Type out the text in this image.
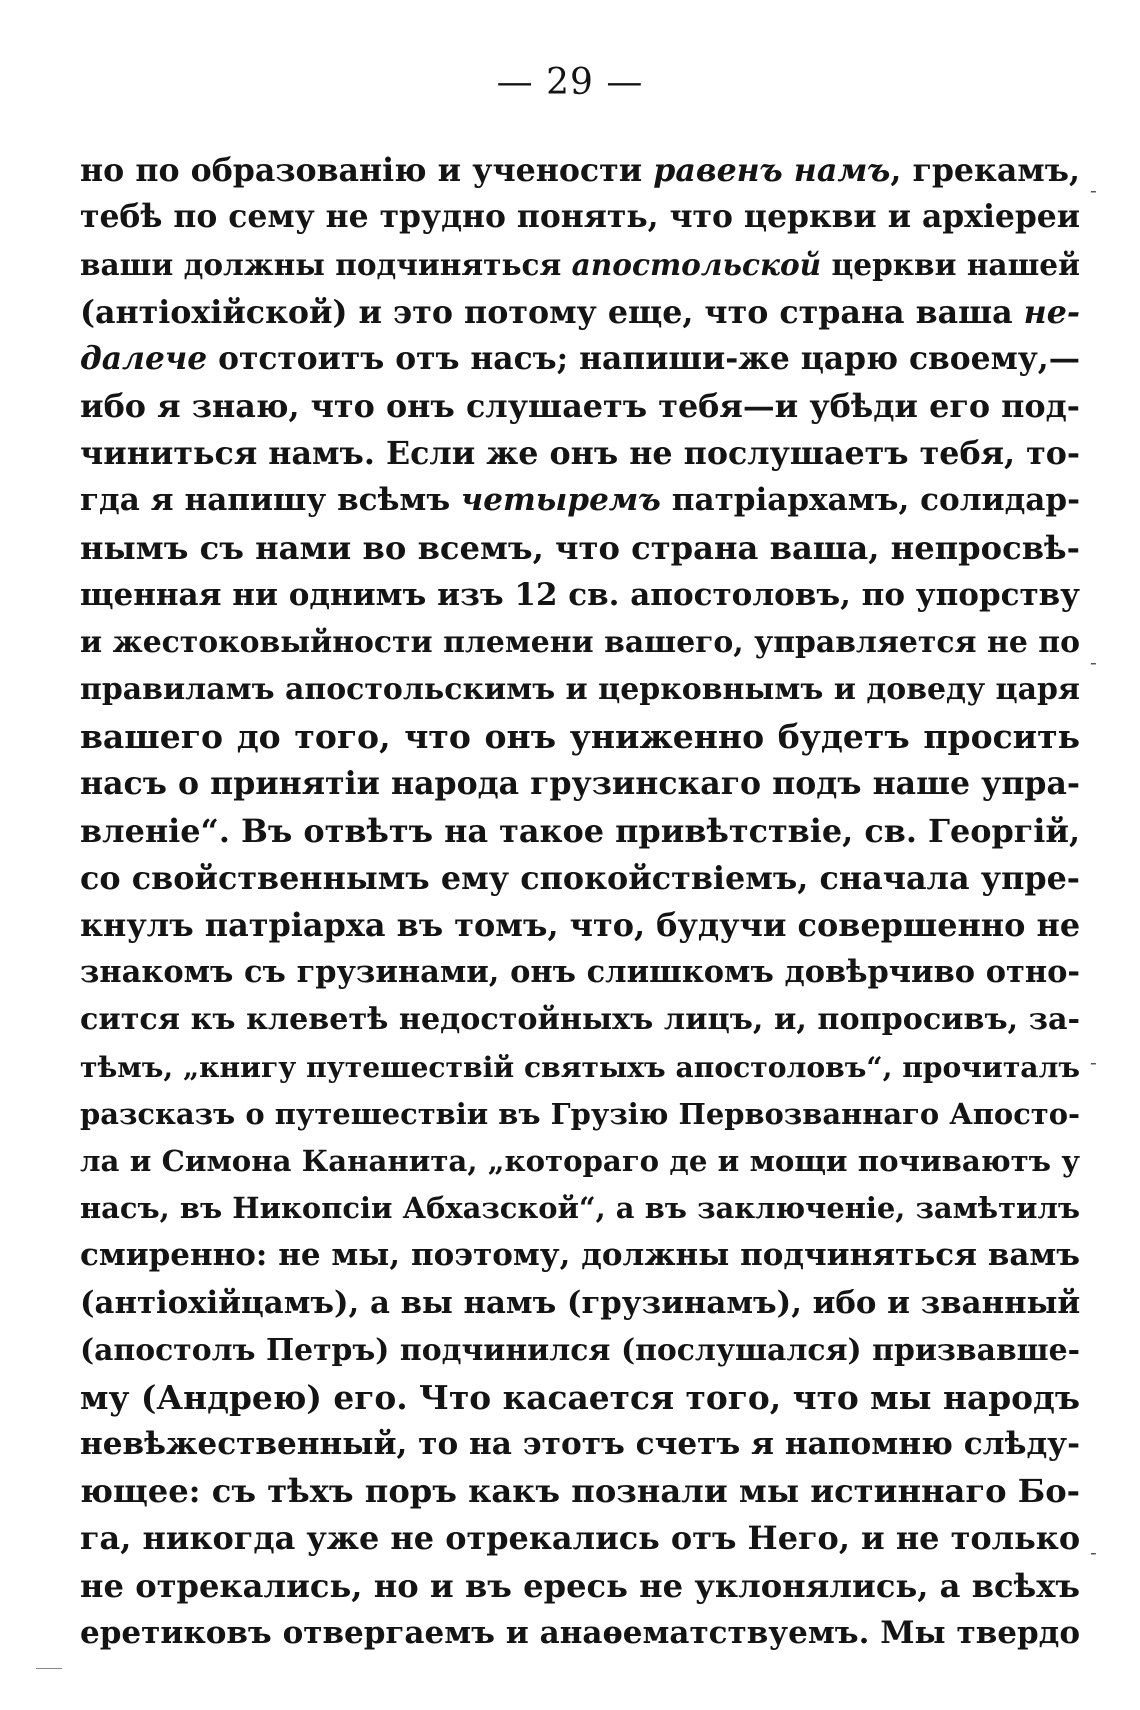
— 29 —
но по образованію и учености равенъ намъ, грекамъ,
тебѣ по сему не трудно понять, что церкви и архіереи
ваши должны подчиняться апостольской церкви нашей
(антіохійской) и это потому еще, что страна ваша не-
далече отстоитъ отъ насъ; напиши-же царю своему,—
ибо я знаю, что онъ слушаетъ тебя—и убѣди его под-
чиниться намъ. Если же онъ не послушаетъ тебя, то-
гда я напишу всѣмъ четыремъ патріархамъ, солидар-
нымъ съ нами во всемъ, что страна ваша, непросвѣ-
щенная ни однимъ изъ 12 св. апостоловъ, по упорству
и жестоковыйности племени вашего, управляется не по
правиламъ апостольскимъ и церковнымъ и доведу царя
вашего до того, что онъ униженно будетъ просить
насъ о принятіи народа грузинскаго подъ наше упра-
вленіе“. Въ отвѣтъ на такое привѣтствіе, св. Георгій,
со свойственнымъ ему спокойствіемъ, сначала упре-
кнулъ патріарха въ томъ, что, будучи совершенно не
знакомъ съ грузинами, онъ слишкомъ довѣрчиво отно-
сится къ клеветѣ недостойныхъ лицъ, и, попросивъ, за-
тѣмъ, „книгу путешествій святыхъ апостоловъ“, прочиталъ
разсказъ о путешествіи въ Грузію Первозваннаго Апосто-
ла и Симона Кананита, „котораго де и мощи почиваютъ у
насъ, въ Никопсіи Абхазской“, а въ заключеніе, замѣтилъ
смиренно: не мы, поэтому, должны подчиняться вамъ
(антіохійцамъ), а вы намъ (грузинамъ), ибо и званный
(апостолъ Петръ) подчинился (послушался) призвавше-
му (Андрею) его. Что касается того, что мы народъ
невѣжественный, то на этотъ счетъ я напомню слѣду-
ющее: съ тѣхъ поръ какъ познали мы истиннаго Бо-
га, никогда уже не отрекались отъ Него, и не только
не отрекались, но и въ ересь не уклонялись, а всѣхъ
еретиковъ отвергаемъ и анаѳематствуемъ. Мы твердо
-
-
-
-
